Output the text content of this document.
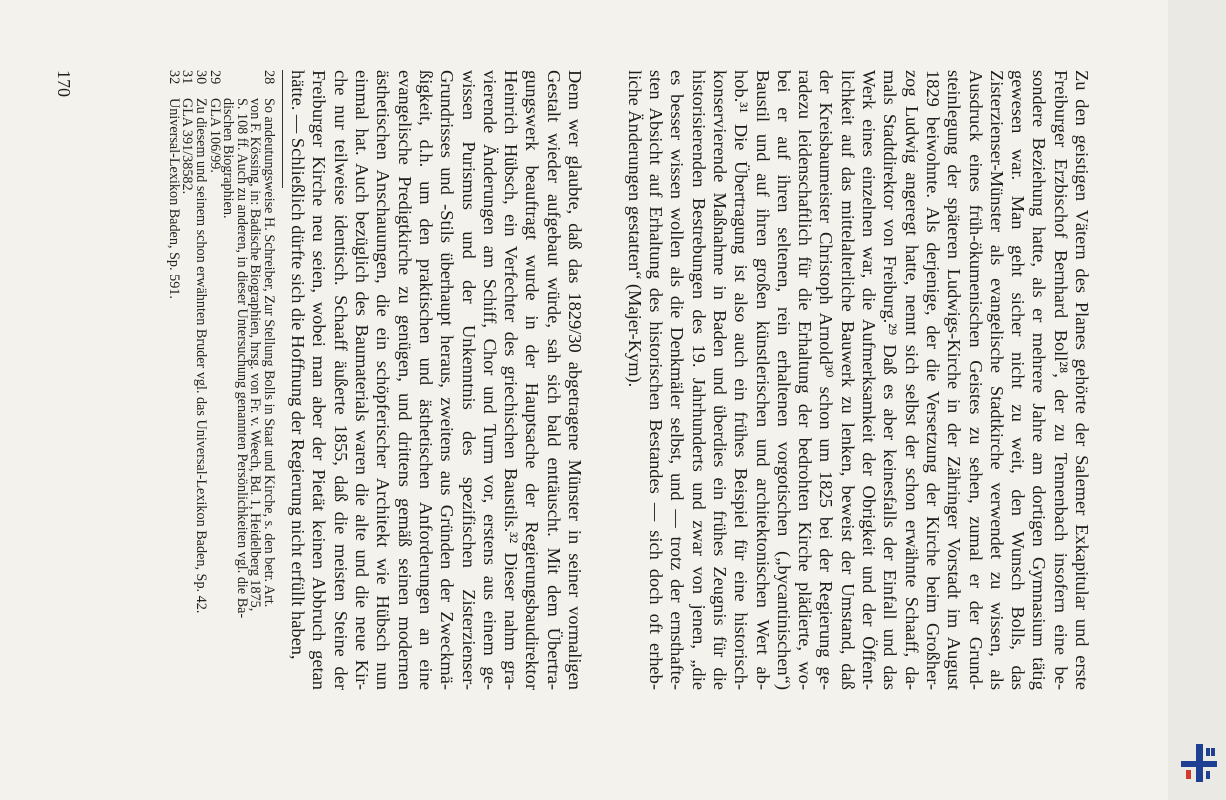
Zu den geistigen Vätern des Planes gehörte der Salemer Exkapitular und erste
Freiburger Erzbischof Bernhard Boll²⁸, der zu Tennenbach insofern eine be-
sondere Beziehung hatte, als er mehrere Jahre am dortigen Gymnasium tätig
gewesen war. Man geht sicher nicht zu weit, den Wunsch Bolls, das
Zisterzienser-Münster als evangelische Stadtkirche verwendet zu wissen, als
Ausdruck eines früh-ökumenischen Geistes zu sehen, zumal er der Grund-
steinlegung der späteren Ludwigs-Kirche in der Zähringer Vorstadt im August
1829 beiwohnte. Als derjenige, der die Versetzung der Kirche beim Großher-
zog Ludwig angeregt hatte, nennt sich selbst der schon erwähnte Schaaff, da-
mals Stadtdirektor von Freiburg.²⁹ Daß es aber keinesfalls der Einfall und das
Werk eines einzelnen war, die Aufmerksamkeit der Obrigkeit und der Öffent-
lichkeit auf das mittelalterliche Bauwerk zu lenken, beweist der Umstand, daß
der Kreisbaumeister Christoph Arnold³⁰ schon um 1825 bei der Regierung ge-
radezu leidenschaftlich für die Erhaltung der bedrohten Kirche plädierte, wo-
bei er auf ihren seltenen, rein erhaltenen vorgotischen („bycantinischen“)
Baustil und auf ihren großen künstlerischen und architektonischen Wert ab-
hob.³¹ Die Übertragung ist also auch ein frühes Beispiel für eine historisch-
konservierende Maßnahme in Baden und überdies ein frühes Zeugnis für die
historisierenden Bestrebungen des 19. Jahrhunderts und zwar von jenen, „die
es besser wissen wollen als die Denkmäler selbst, und — trotz der ernsthafte-
sten Absicht auf Erhaltung des historischen Bestandes — sich doch oft erheb-
liche Änderungen gestatten“ (Majer-Kym).
Denn wer glaubte, daß das 1829/30 abgetragene Münster in seiner vormaligen
Gestalt wieder aufgebaut würde, sah sich bald enttäuscht. Mit dem Übertra-
gungswerk beauftragt wurde in der Hauptsache der Regierungsbaudirektor
Heinrich Hübsch, ein Verfechter des griechischen Baustils.³² Dieser nahm gra-
vierende Änderungen am Schiff, Chor und Turm vor, erstens aus einem ge-
wissen Purismus und der Unkenntnis des spezifischen Zisterzienser-
Grundrisses und -Stils überhaupt heraus, zweitens aus Gründen der Zweckmä-
ßigkeit, d.h. um den praktischen und ästhetischen Anforderungen an eine
evangelische Predigtkirche zu genügen, und drittens gemäß seinen modernen
ästhetischen Anschauungen, die ein schöpferischer Architekt wie Hübsch nun
einmal hat. Auch bezüglich des Baumaterials waren die alte und die neue Kir-
che nur teilweise identisch. Schaaff äußerte 1855, daß die meisten Steine der
Freiburger Kirche neu seien, wobei man aber der Pietät keinen Abbruch getan
hätte. — Schließlich dürfte sich die Hoffnung der Regierung nicht erfüllt haben,
28
So andeutungsweise H. Schreiber, Zur Stellung Bolls in Staat und Kirche, s. den betr. Art.
von F. Kössing, in: Badische Biographien, hrsg. von Fr. v. Weech, Bd. 1, Heidelberg 1875,
S. 108 ff. Auch zu anderen, in dieser Untersuchung genannten Persönlichkeiten vgl. die Ba-
dischen Biographien.
29
GLA 106/99.
30
Zu diesem und seinem schon erwähnten Bruder vgl. das Universal-Lexikon Baden, Sp. 42.
31
GLA 391/38582.
32
Universal-Lexikon Baden, Sp. 591.
170
